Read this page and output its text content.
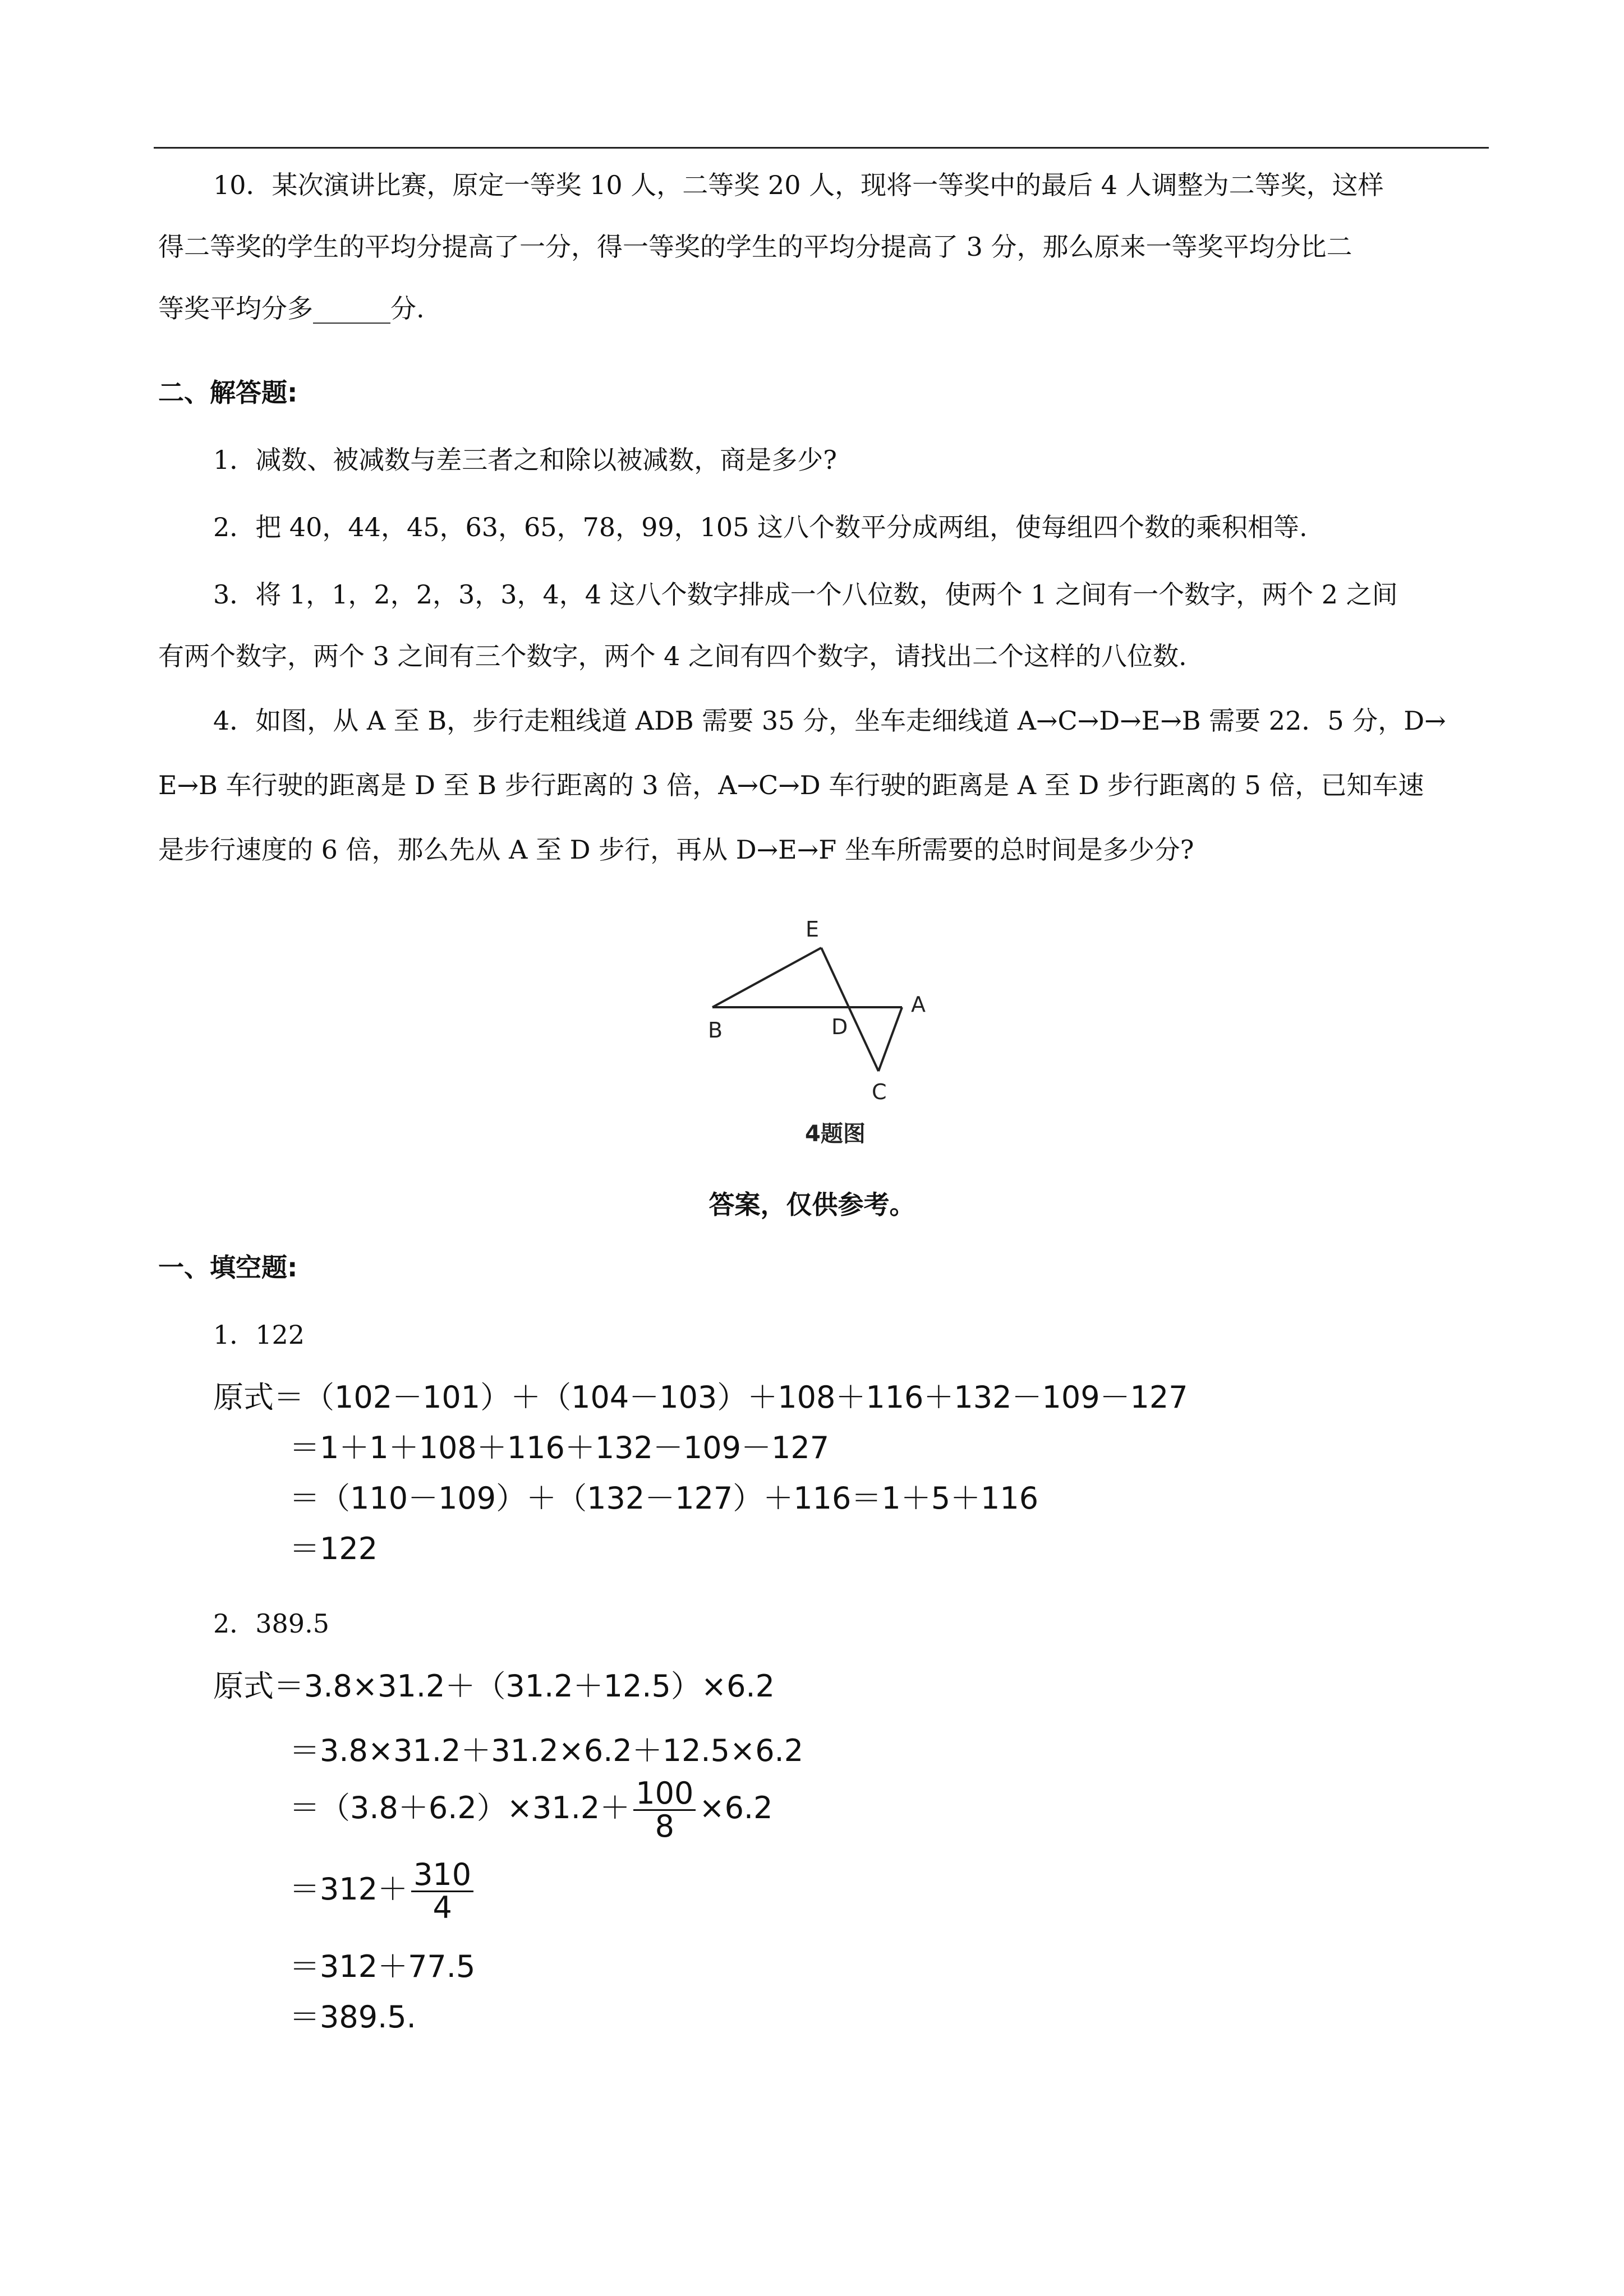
10．某次演讲比赛，原定一等奖 10 人，二等奖 20 人，现将一等奖中的最后 4 人调整为二等奖，这样
得二等奖的学生的平均分提高了一分，得一等奖的学生的平均分提高了 3 分，那么原来一等奖平均分比二
等奖平均分多______分.
二、解答题:
1．减数、被减数与差三者之和除以被减数，商是多少?
2．把 40，44，45，63，65，78，99，105 这八个数平分成两组，使每组四个数的乘积相等.
3．将 1，1，2，2，3，3，4，4 这八个数字排成一个八位数，使两个 1 之间有一个数字，两个 2 之间
有两个数字，两个 3 之间有三个数字，两个 4 之间有四个数字，请找出二个这样的八位数.
4．如图，从 A 至 B，步行走粗线道 ADB 需要 35 分，坐车走细线道 A→C→D→E→B 需要 22．5 分，D→
E→B 车行驶的距离是 D 至 B 步行距离的 3 倍，A→C→D 车行驶的距离是 A 至 D 步行距离的 5 倍，已知车速
是步行速度的 6 倍，那么先从 A 至 D 步行，再从 D→E→F 坐车所需要的总时间是多少分?
E
B	D
A
C
4题图
答案，仅供参考。
一、填空题:
1．122
原式＝（102－101）＋（104－103）＋108＋116＋132－109－127
＝1＋1＋108＋116＋132－109－127
＝（110－109）＋（132－127）＋116＝1＋5＋116
＝122
2．389.5
原式＝3.8×31.2＋（31.2＋12.5）×6.2
＝3.8×31.2＋31.2×6.2＋12.5×6.2
$=(3.8+6.2)\times 31.2+ \frac{100}{8} \times 6.2$
$=312+ \frac{310}{4}$
＝312＋77.5
＝389.5.
